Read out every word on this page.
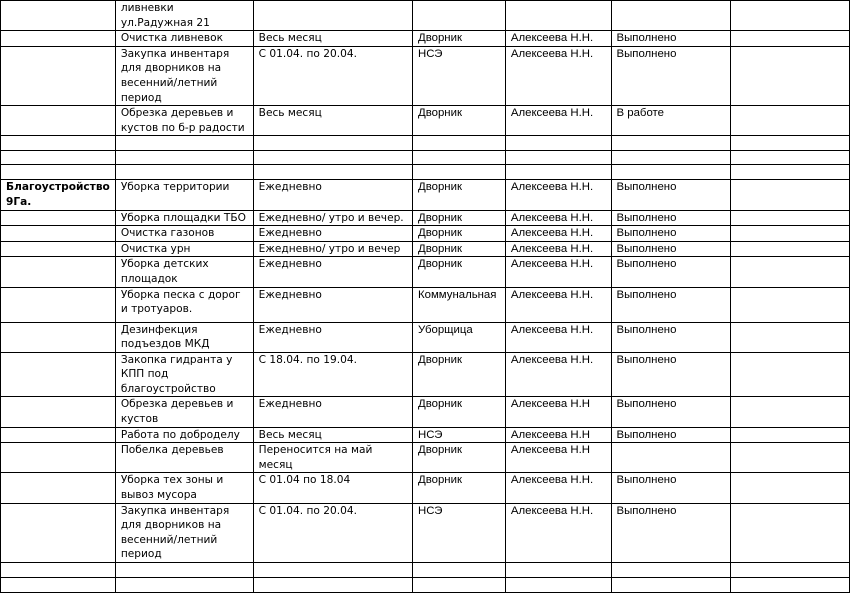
	ливневки ул.Радужная 21					
	Очистка ливневок	Весь месяц	Дворник	Алексеева Н.Н.	Выполнено	
	Закупка инвентаря для дворников на весенний/летний период	С 01.04. по 20.04.	НСЭ	Алексеева Н.Н.	Выполнено	
	Обрезка деревьев и кустов по б-р радости	Весь месяц	Дворник	Алексеева Н.Н.	В работе	

Благоустройство 9Га.	Уборка территории	Ежедневно	Дворник	Алексеева Н.Н.	Выполнено	
	Уборка площадки ТБО	Ежедневно/ утро и вечер.	Дворник	Алексеева Н.Н.	Выполнено	
	Очистка газонов	Ежедневно	Дворник	Алексеева Н.Н.	Выполнено	
	Очистка урн	Ежедневно/ утро и вечер	Дворник	Алексеева Н.Н.	Выполнено	
	Уборка детских площадок	Ежедневно	Дворник	Алексеева Н.Н.	Выполнено	
	Уборка песка с дорог и тротуаров.	Ежедневно	Коммунальная	Алексеева Н.Н.	Выполнено	
	Дезинфекция подъездов МКД	Ежедневно	Уборщица	Алексеева Н.Н.	Выполнено	
	Закопка гидранта у КПП под благоустройство	С 18.04. по 19.04.	Дворник	Алексеева Н.Н.	Выполнено	
	Обрезка деревьев и кустов	Ежедневно	Дворник	Алексеева Н.Н	Выполнено	
	Работа по доброделу	Весь месяц	НСЭ	Алексеева Н.Н	Выполнено	
	Побелка деревьев	Переносится на май месяц	Дворник	Алексеева Н.Н		
	Уборка тех зоны и вывоз мусора	С 01.04 по 18.04	Дворник	Алексеева Н.Н.	Выполнено	
	Закупка инвентаря для дворников на весенний/летний период	С 01.04. по 20.04.	НСЭ	Алексеева Н.Н.	Выполнено	
